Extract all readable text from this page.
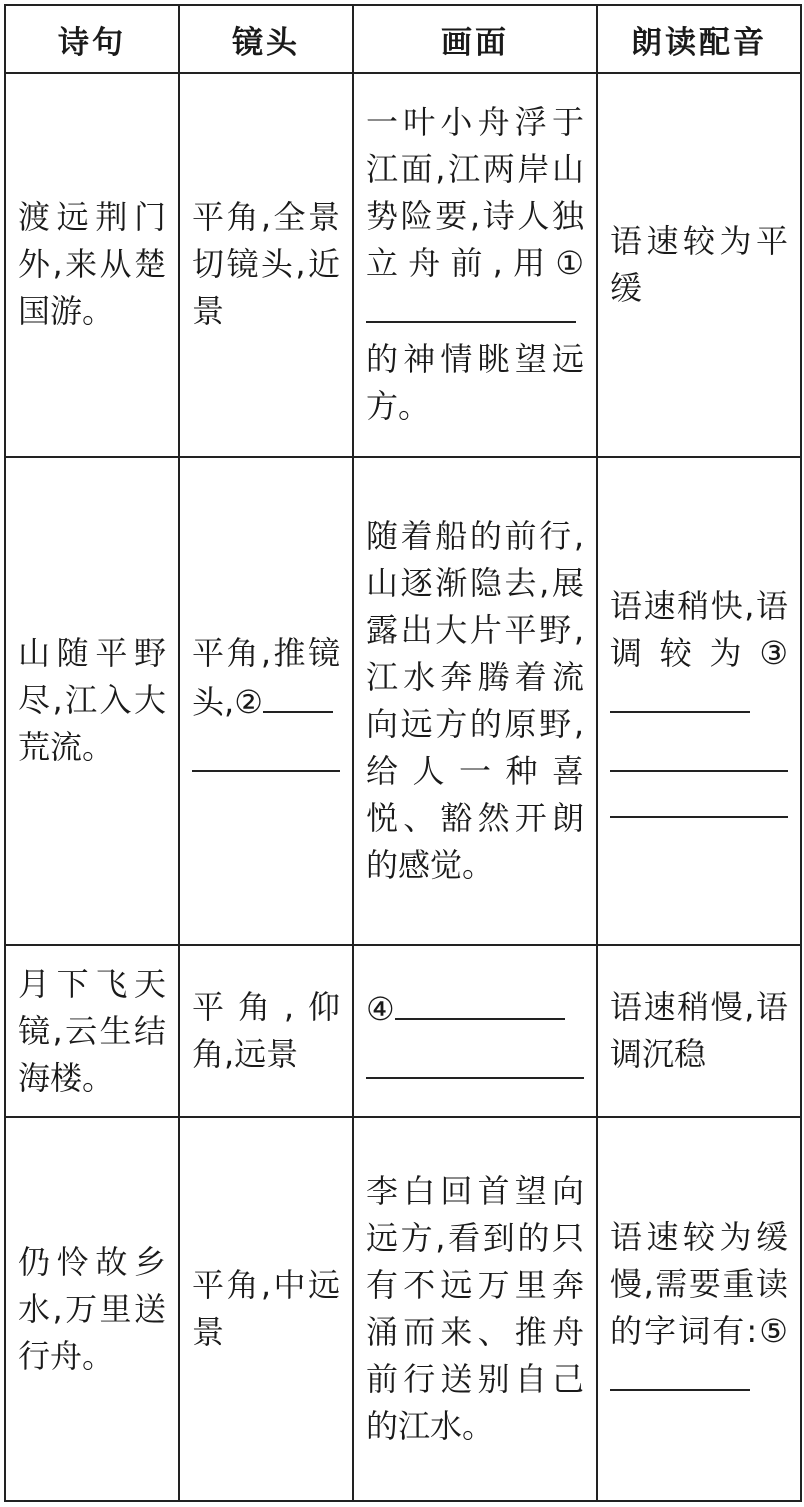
诗句	镜头	画面	朗读配音

渡远荆门外,来从楚国游。	平角,全景切镜头,近景	一叶小舟浮于江面,江两岸山势险要,诗人独立舟前,用①的神情眺望远方。	语速较为平缓

山随平野尽,江入大荒流。	平角,推镜头,②	随着船的前行,山逐渐隐去,展露出大片平野,江水奔腾着流向远方的原野,给人一种喜悦、豁然开朗的感觉。	语速稍快,语调较为③

月下飞天镜,云生结海楼。	平角,仰角,远景	④	语速稍慢,语调沉稳

仍怜故乡水,万里送行舟。	平角,中远景	李白回首望向远方,看到的只有不远万里奔涌而来、推舟前行送别自己的江水。	语速较为缓慢,需要重读的字词有:⑤
